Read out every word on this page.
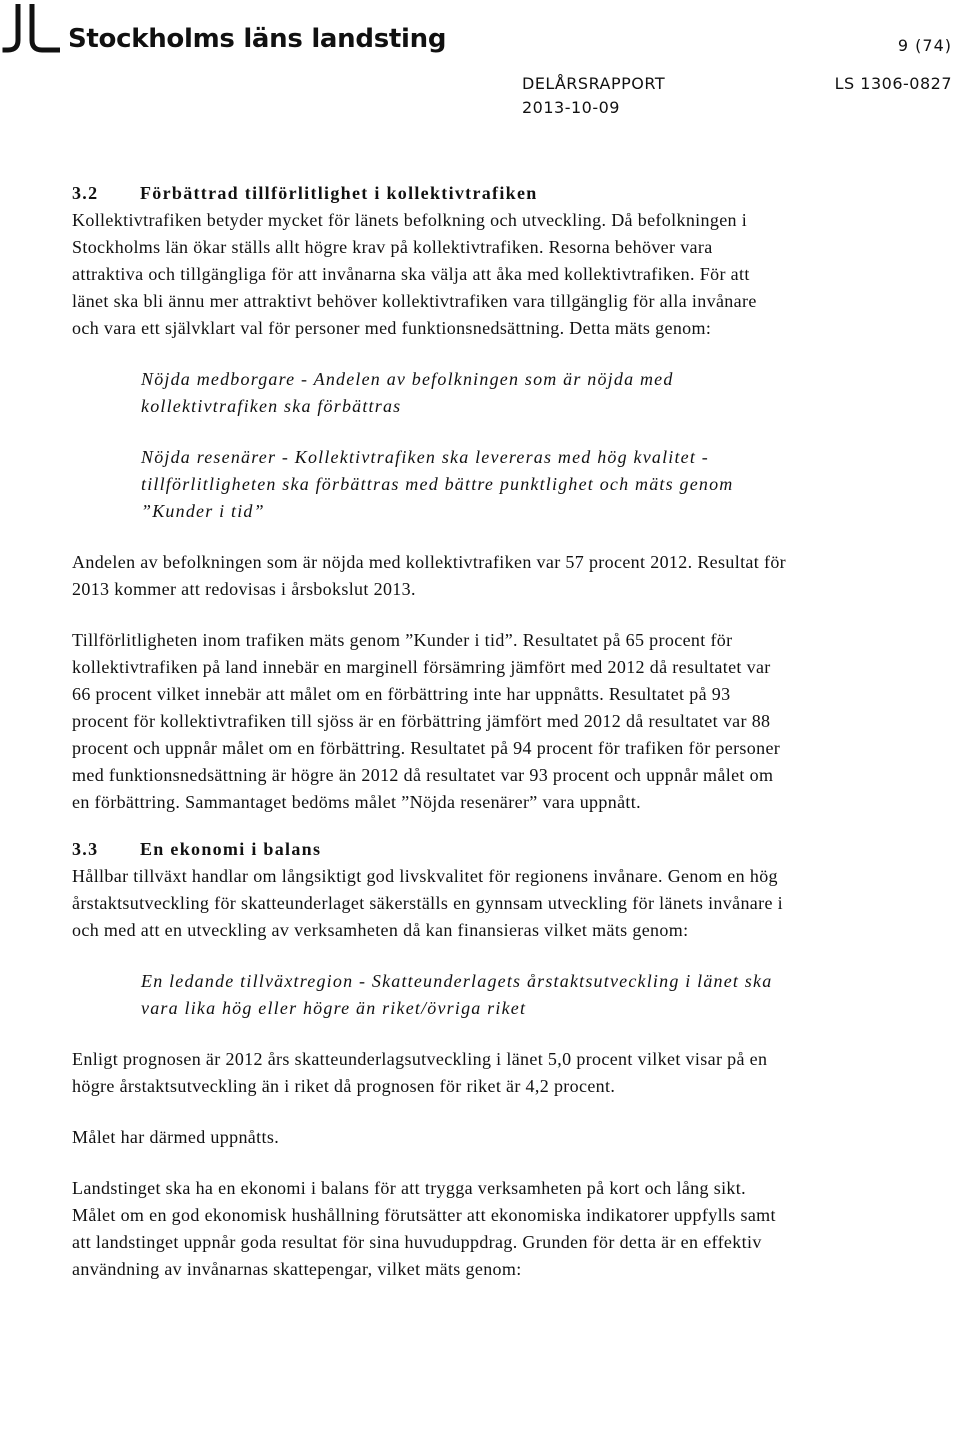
Stockholms läns landsting	9 (74)
DELÅRSRAPPORT	LS 1306-0827
2013-10-09
3.2	Förbättrad tillförlitlighet i kollektivtrafiken

Kollektivtrafiken betyder mycket för länets befolkning och utveckling. Då befolkningen i Stockholms län ökar ställs allt högre krav på kollektivtrafiken. Resorna behöver vara attraktiva och tillgängliga för att invånarna ska välja att åka med kollektivtrafiken. För att länet ska bli ännu mer attraktivt behöver kollektivtrafiken vara tillgänglig för alla invånare och vara ett självklart val för personer med funktionsnedsättning. Detta mäts genom:

Nöjda medborgare - Andelen av befolkningen som är nöjda med kollektivtrafiken ska förbättras

Nöjda resenärer - Kollektivtrafiken ska levereras med hög kvalitet - tillförlitligheten ska förbättras med bättre punktlighet och mäts genom ”Kunder i tid”

Andelen av befolkningen som är nöjda med kollektivtrafiken var 57 procent 2012. Resultat för 2013 kommer att redovisas i årsbokslut 2013.

Tillförlitligheten inom trafiken mäts genom ”Kunder i tid”. Resultatet på 65 procent för kollektivtrafiken på land innebär en marginell försämring jämfört med 2012 då resultatet var 66 procent vilket innebär att målet om en förbättring inte har uppnåtts. Resultatet på 93 procent för kollektivtrafiken till sjöss är en förbättring jämfört med 2012 då resultatet var 88 procent och uppnår målet om en förbättring. Resultatet på 94 procent för trafiken för personer med funktionsnedsättning är högre än 2012 då resultatet var 93 procent och uppnår målet om en förbättring. Sammantaget bedöms målet ”Nöjda resenärer” vara uppnått.

3.3	En ekonomi i balans

Hållbar tillväxt handlar om långsiktigt god livskvalitet för regionens invånare. Genom en hög årstaktsutveckling för skatteunderlaget säkerställs en gynnsam utveckling för länets invånare i och med att en utveckling av verksamheten då kan finansieras vilket mäts genom:

En ledande tillväxtregion - Skatteunderlagets årstaktsutveckling i länet ska vara lika hög eller högre än riket/övriga riket

Enligt prognosen är 2012 års skatteunderlagsutveckling i länet 5,0 procent vilket visar på en högre årstaktsutveckling än i riket då prognosen för riket är 4,2 procent.

Målet har därmed uppnåtts.

Landstinget ska ha en ekonomi i balans för att trygga verksamheten på kort och lång sikt. Målet om en god ekonomisk hushållning förutsätter att ekonomiska indikatorer uppfylls samt att landstinget uppnår goda resultat för sina huvuduppdrag. Grunden för detta är en effektiv användning av invånarnas skattepengar, vilket mäts genom:
